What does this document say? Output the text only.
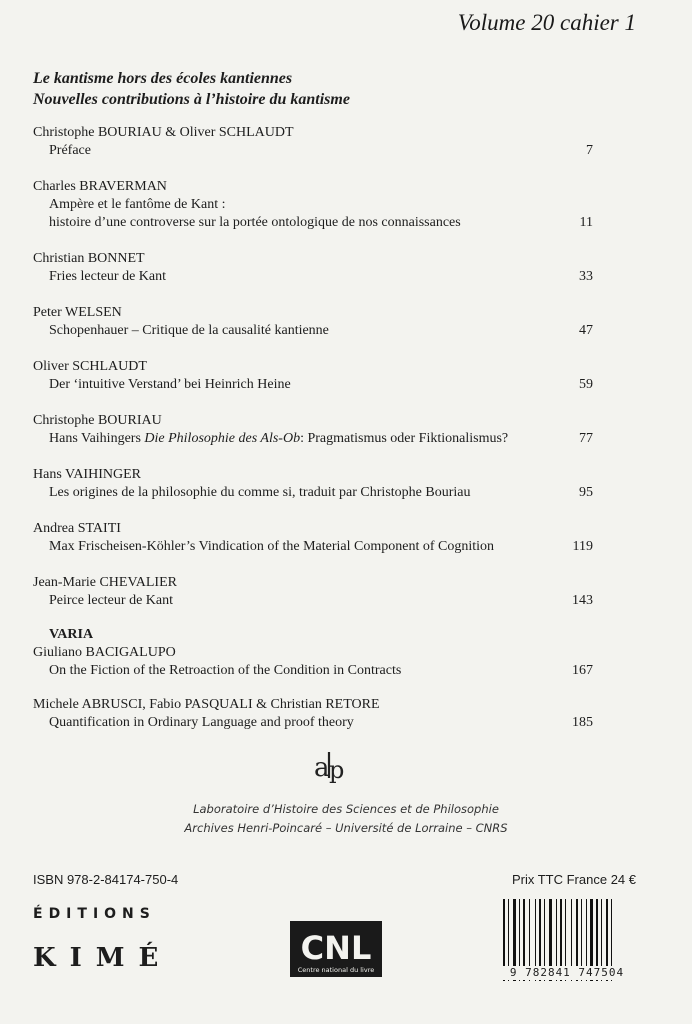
Volume 20 cahier 1
Le kantisme hors des écoles kantiennes
Nouvelles contributions à l’histoire du kantisme
Christophe BOURIAU & Oliver SCHLAUDT
Préface	7
Charles BRAVERMAN
Ampère et le fantôme de Kant :
histoire d’une controverse sur la portée ontologique de nos connaissances	11
Christian BONNET
Fries lecteur de Kant	33
Peter WELSEN
Schopenhauer – Critique de la causalité kantienne	47
Oliver SCHLAUDT
Der ‘intuitive Verstand’ bei Heinrich Heine	59
Christophe BOURIAU
Hans Vaihingers Die Philosophie des Als-Ob: Pragmatismus oder Fiktionalismus?	77
Hans VAIHINGER
Les origines de la philosophie du comme si, traduit par Christophe Bouriau	95
Andrea STAITI
Max Frischeisen-Köhler’s Vindication of the Material Component of Cognition	119
Jean-Marie CHEVALIER
Peirce lecteur de Kant	143
VARIA
Giuliano BACIGALUPO
On the Fiction of the Retroaction of the Condition in Contracts	167
Michele ABRUSCI, Fabio PASQUALI & Christian RETORE
Quantification in Ordinary Language and proof theory	185
a p
Laboratoire d’Histoire des Sciences et de Philosophie
Archives Henri-Poincaré – Université de Lorraine – CNRS
ISBN 978-2-84174-750-4	Prix TTC France 24 €
ÉDITIONS
KIMÉ	CNL
Centre national du livre	9 782841 747504
